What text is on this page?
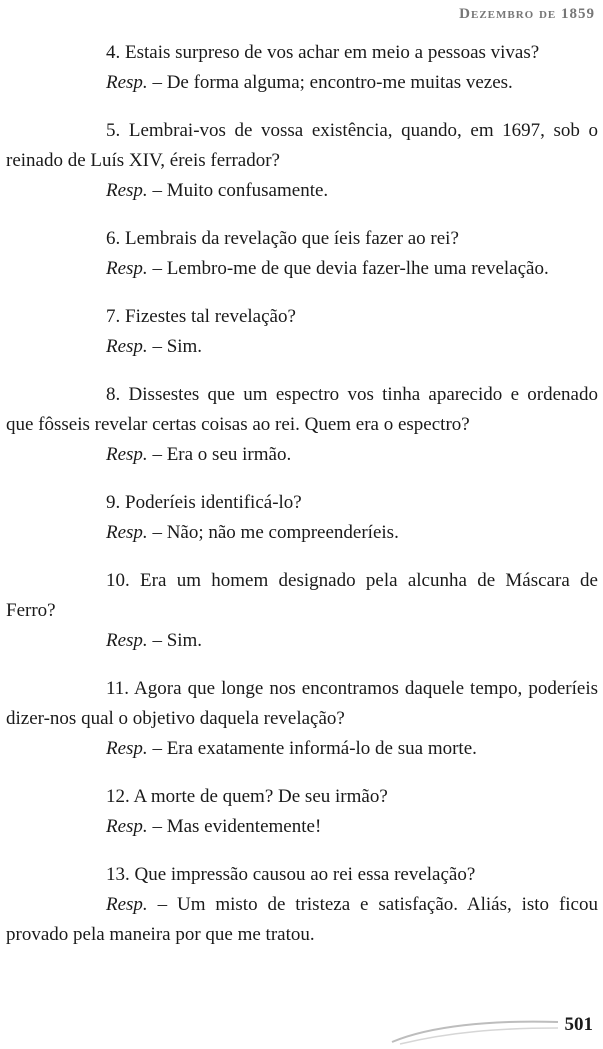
Dezembro de 1859

4. Estais surpreso de vos achar em meio a pessoas vivas?

Resp. – De forma alguma; encontro-me muitas vezes.

5. Lembrai-vos de vossa existência, quando, em 1697, sob o reinado de Luís XIV, éreis ferrador?

Resp. – Muito confusamente.

6. Lembrais da revelação que íeis fazer ao rei?

Resp. – Lembro-me de que devia fazer-lhe uma revelação.

7. Fizestes tal revelação?

Resp. – Sim.

8. Dissestes que um espectro vos tinha aparecido e ordenado que fôsseis revelar certas coisas ao rei. Quem era o espectro?

Resp. – Era o seu irmão.

9. Poderíeis identificá-lo?

Resp. – Não; não me compreenderíeis.

10. Era um homem designado pela alcunha de Máscara de Ferro?

Resp. – Sim.

11. Agora que longe nos encontramos daquele tempo, poderíeis dizer-nos qual o objetivo daquela revelação?

Resp. – Era exatamente informá-lo de sua morte.

12. A morte de quem? De seu irmão?

Resp. – Mas evidentemente!

13. Que impressão causou ao rei essa revelação?

Resp. – Um misto de tristeza e satisfação. Aliás, isto ficou provado pela maneira por que me tratou.

501
